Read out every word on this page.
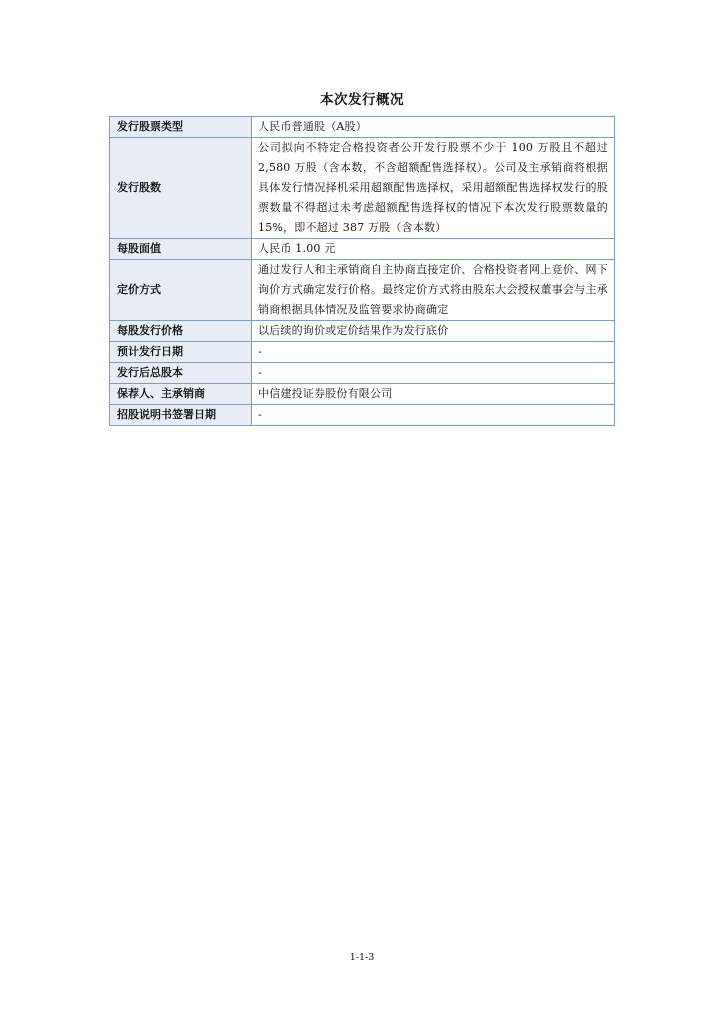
本次发行概况
发行股票类型	人民币普通股（A股）
发行股数	公司拟向不特定合格投资者公开发行股票不少于 100 万股且不超过 2,580 万股（含本数，不含超额配售选择权）。公司及主承销商将根据具体发行情况择机采用超额配售选择权，采用超额配售选择权发行的股票数量不得超过未考虑超额配售选择权的情况下本次发行股票数量的 15%，即不超过 387 万股（含本数）
每股面值	人民币 1.00 元
定价方式	通过发行人和主承销商自主协商直接定价、合格投资者网上竞价、网下询价方式确定发行价格。最终定价方式将由股东大会授权董事会与主承销商根据具体情况及监管要求协商确定
每股发行价格	以后续的询价或定价结果作为发行底价
预计发行日期	-
发行后总股本	-
保荐人、主承销商	中信建投证券股份有限公司
招股说明书签署日期	-
1-1-3
